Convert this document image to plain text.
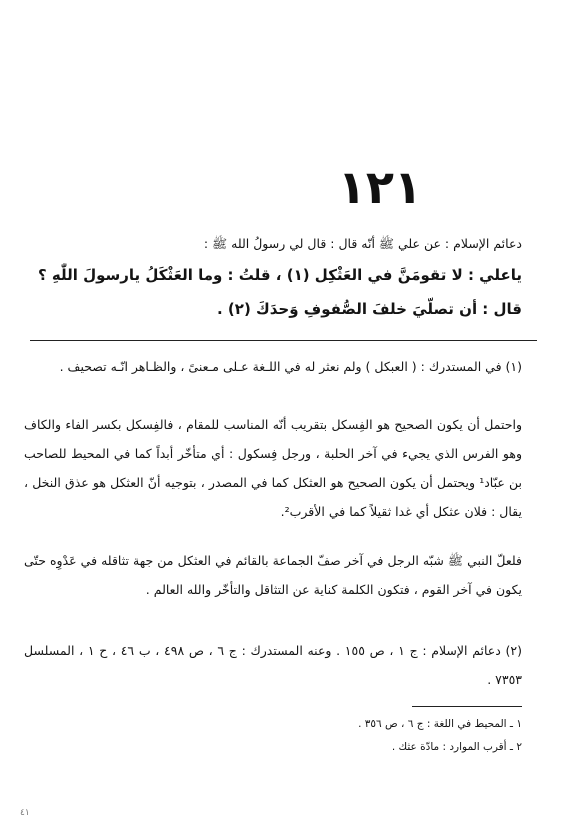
١٢١
دعائم الإسلام : عن علي ﷺ أنّه قال : قال لي رسولُ الله ﷺ :
ياعلي : لا تقومَنَّ في العَثْكِل (١) ، قلتُ : وما العَثْكَلُ يارسولَ اللّٰهِ ؟
قال : أن تصلّيَ خلفَ الصُّفوفِ وَحدَكَ (٢) .
(١) في المستدرك : ( العبكل ) ولم نعثر له في اللـغة عـلى مـعنىً ، والظـاهر انّـه تصحيف .
واحتمل أن يكون الصحيح هو الفِسكل بتقريب أنّه المناسب للمقام ، فالفِسكل بكسر الفاء والكاف وهو الفرس الذي يجيء في آخر الحلبة ، ورجل فِسكول : أي متأخّر أبداً كما في المحيط للصاحب بن عبّاد¹ ويحتمل أن يكون الصحيح هو العثكل كما في المصدر ، بتوجيه أنّ العثكل هو عذق النخل ، يقال : فلان عثكل أي غدا ثقيلاً كما في الأقرب².
فلعلّ النبي ﷺ شبّه الرجل في آخر صفّ الجماعة بالقائم في العثكل من جهة تثاقله في عَدْوِه حتّى يكون في آخر القوم ، فتكون الكلمة كناية عن التثاقل والتأخّر والله العالم .
(٢) دعائم الإسلام : ج ١ ، ص ١٥٥ . وعنه المستدرك : ج ٦ ، ص ٤٩٨ ، ب ٤٦ ، ح ١ ، المسلسل ٧٣٥٣ .
١ ـ المحيط في اللغة : ج ٦ ، ص ٣٥٦ .
٢ ـ أقرب الموارد : مادّة عثك .
٤١
